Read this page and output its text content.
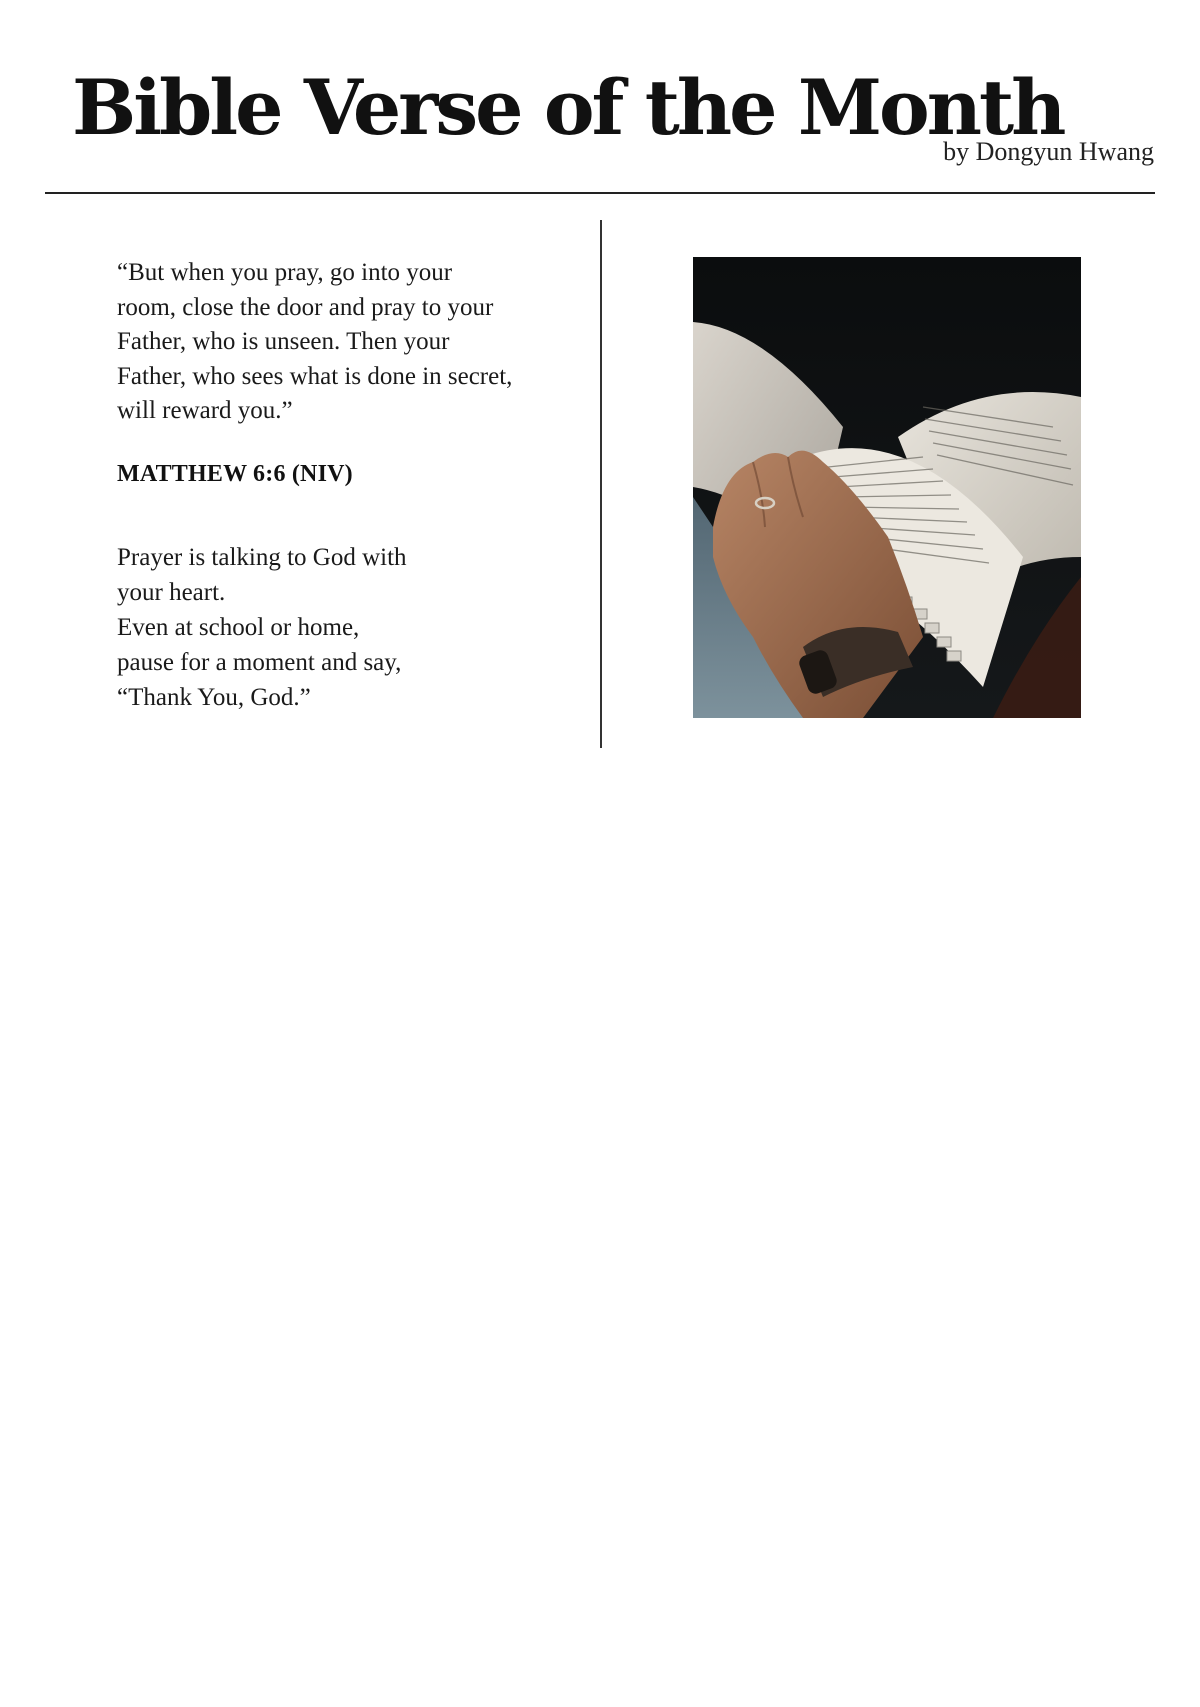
Bible Verse of the Month
by Dongyun Hwang

“But when you pray, go into your room, close the door and pray to your Father, who is unseen. Then your Father, who sees what is done in secret, will reward you.”

MATTHEW 6:6 (NIV)

Prayer is talking to God with
your heart.
Even at school or home,
pause for a moment and say,
“Thank You, God.”
